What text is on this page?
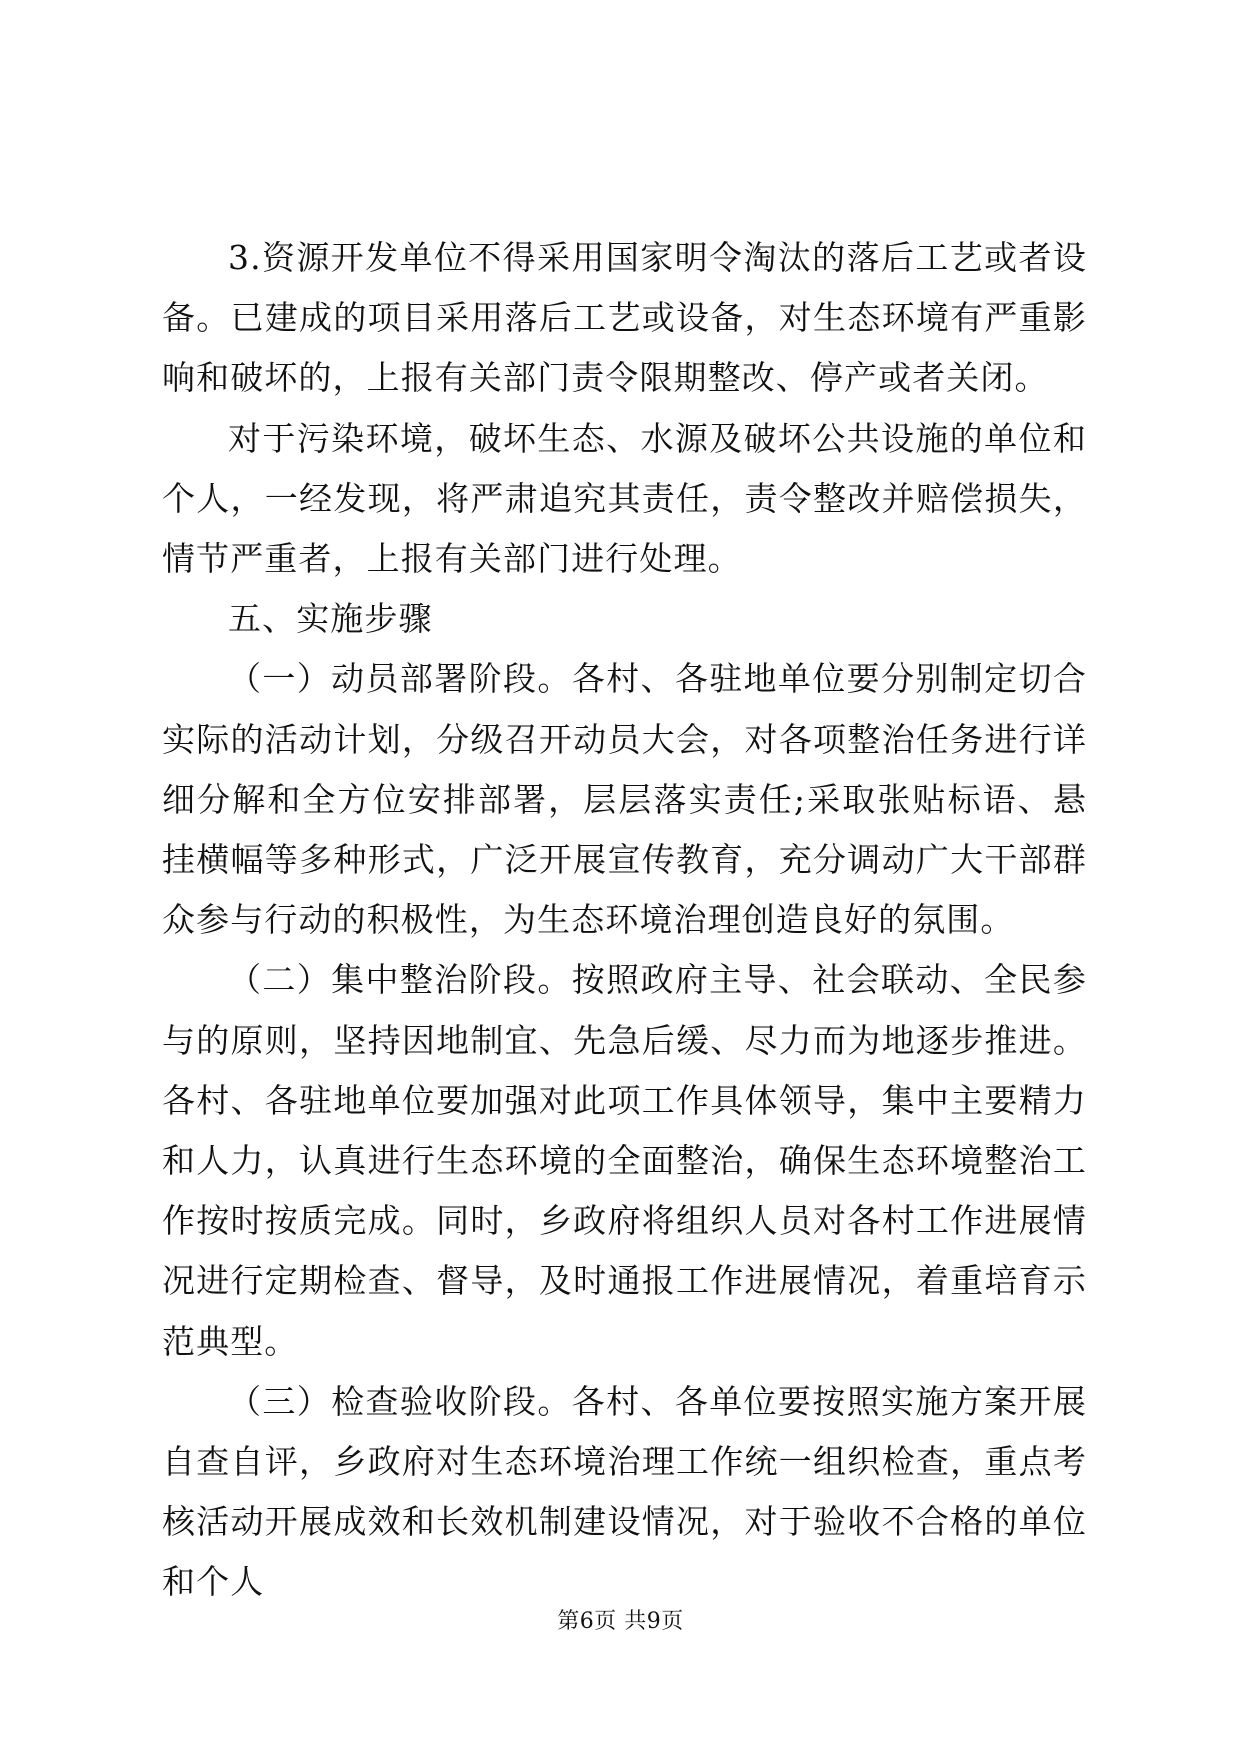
3.资源开发单位不得采用国家明令淘汰的落后工艺或者设备。已建成的项目采用落后工艺或设备，对生态环境有严重影响和破坏的，上报有关部门责令限期整改、停产或者关闭。

对于污染环境，破坏生态、水源及破坏公共设施的单位和个人，一经发现，将严肃追究其责任，责令整改并赔偿损失，情节严重者，上报有关部门进行处理。

五、实施步骤

（一）动员部署阶段。各村、各驻地单位要分别制定切合实际的活动计划，分级召开动员大会，对各项整治任务进行详细分解和全方位安排部署，层层落实责任;采取张贴标语、悬挂横幅等多种形式，广泛开展宣传教育，充分调动广大干部群众参与行动的积极性，为生态环境治理创造良好的氛围。

（二）集中整治阶段。按照政府主导、社会联动、全民参与的原则，坚持因地制宜、先急后缓、尽力而为地逐步推进。各村、各驻地单位要加强对此项工作具体领导，集中主要精力和人力，认真进行生态环境的全面整治，确保生态环境整治工作按时按质完成。同时，乡政府将组织人员对各村工作进展情况进行定期检查、督导，及时通报工作进展情况，着重培育示范典型。

（三）检查验收阶段。各村、各单位要按照实施方案开展自查自评，乡政府对生态环境治理工作统一组织检查，重点考核活动开展成效和长效机制建设情况，对于验收不合格的单位和个人

第6页 共9页
